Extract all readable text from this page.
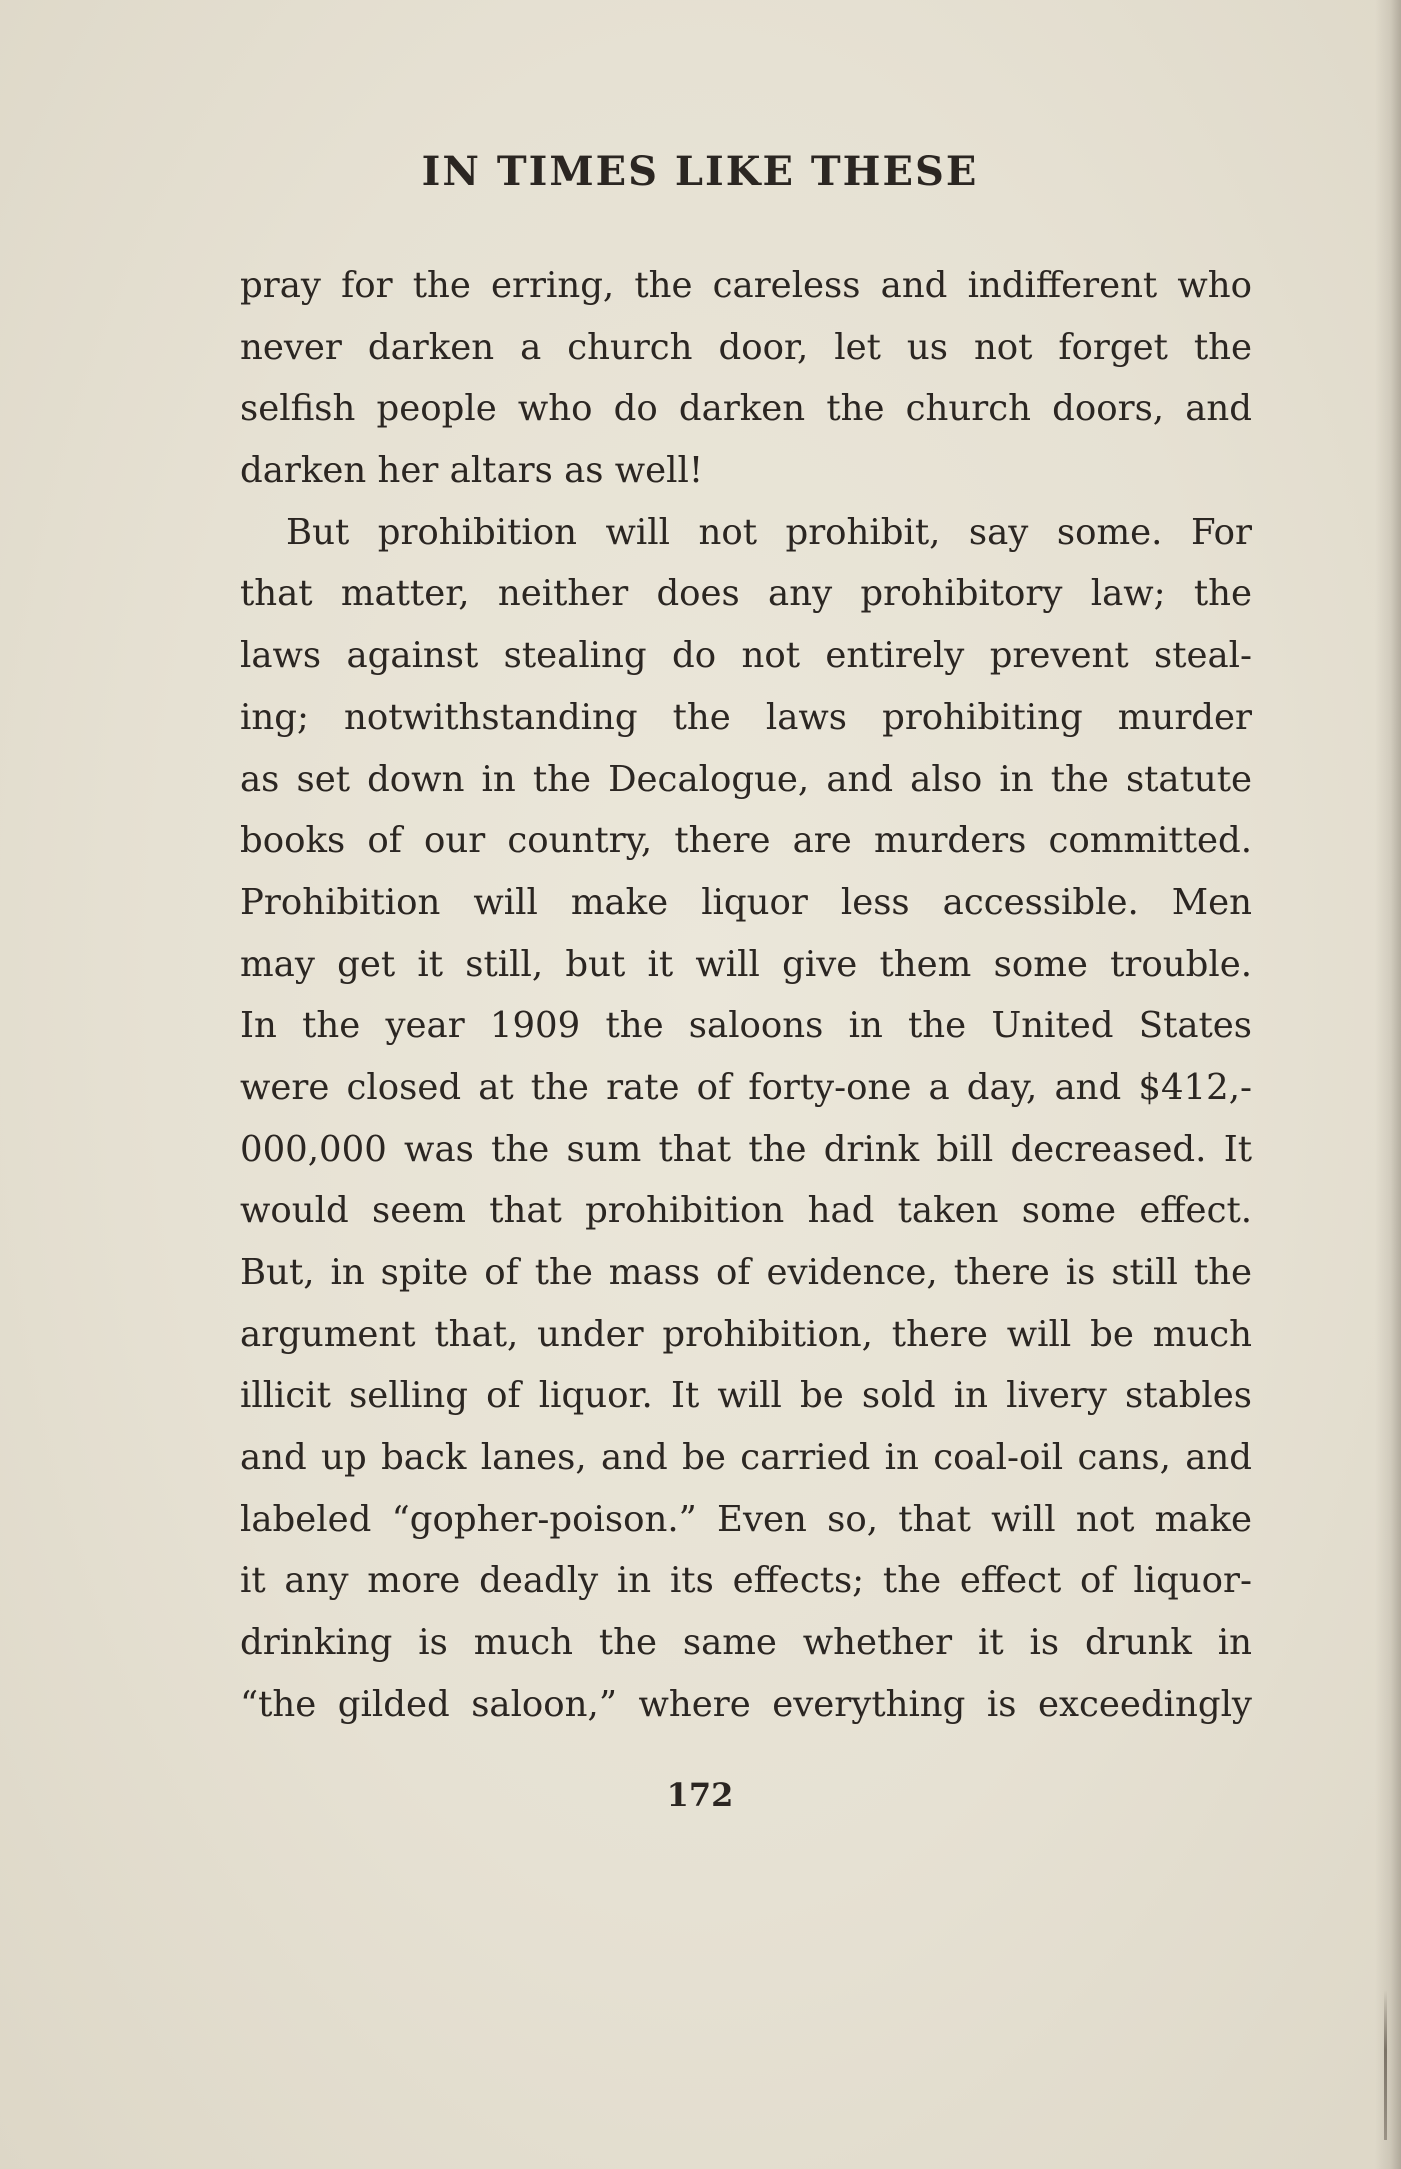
IN TIMES LIKE THESE
pray for the erring, the careless and indifferent who
never darken a church door, let us not forget the
selfish people who do darken the church doors, and
darken her altars as well!
But prohibition will not prohibit, say some. For
that matter, neither does any prohibitory law; the
laws against stealing do not entirely prevent steal-
ing; notwithstanding the laws prohibiting murder
as set down in the Decalogue, and also in the statute
books of our country, there are murders committed.
Prohibition will make liquor less accessible. Men
may get it still, but it will give them some trouble.
In the year 1909 the saloons in the United States
were closed at the rate of forty-one a day, and $412,-
000,000 was the sum that the drink bill decreased. It
would seem that prohibition had taken some effect.
But, in spite of the mass of evidence, there is still the
argument that, under prohibition, there will be much
illicit selling of liquor. It will be sold in livery stables
and up back lanes, and be carried in coal-oil cans, and
labeled “gopher-poison.” Even so, that will not make
it any more deadly in its effects; the effect of liquor-
drinking is much the same whether it is drunk in
“the gilded saloon,” where everything is exceedingly
172
